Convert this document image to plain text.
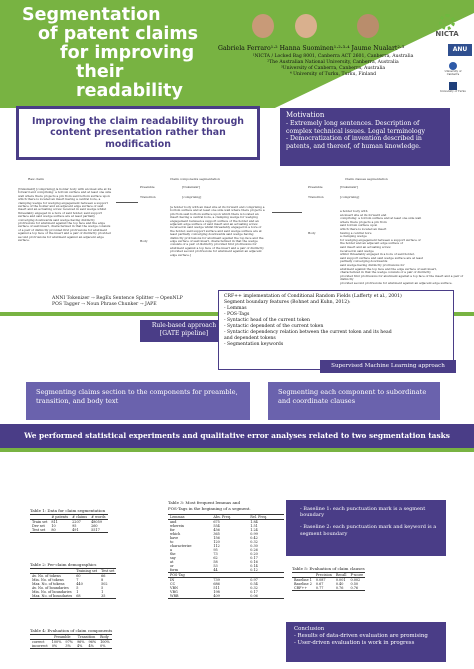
Segmentation
of patent claims
for improving
their readability
Gabriela Ferraro¹·² Hanna Suominen¹·²·³·⁴ Jaume Nualart²·³
¹NICTA / Locked Bag 8001, Canberra ACT 2601, Canberra, Australia
²The Australian National University, Canberra, Australia
³University of Canberra, Canberra, Australia
⁴ University of Turku, Turku, Finland
NICTA
ANU
University of Canberra
University of Turku
Improving the claim readability through content presentation rather than modification
Motivation
- Extremely long sentences. Description of complex technical issues. Legal terminology
- Democratization of invention described in patents, and thereof, of human knowledge.
Raw claim	Claim components segmentation	Claim clauses segmentation
[Nuksmskr] [comprising] /a holder body with an inset site at its forward end comprising: a bottom surface and at least one side wall where there projects a pin from said bottom surface upon which there is located an insert having a central bore, a clamping wedge for wedging engagement between a support surface of the holder and an adjacent edge surface of said insert and an actuating screw received in said wedge whilst threadably engaged in a bore of said holder, said support surface and said wedge surface are at least partially converging downwards said wedge having distinctly protrusions for abutment against the top face and the edge surface of said insert, characterized in that the wedge consists of a pair of distinctly provided first protrusions for abutment against a top face of the insert and a pair of distinctly provided second protrusions for abutment against an adjacent edge surface.
Preamble
Transition
Body
[Nuksmskr]
[comprising]
[a holder body with an inset site at its forward end comprising a bottom surface and at least one side wall where there projects a pin from said bottom surface upon which there is located an insert having a central bore, a clamping wedge for wedging engagement between a support surface of the holder and an adjacent edge surface of said insert and an actuating screw received in said wedge whilst threadably engaged in a bore of the holder, said support surface and said wedge surface are at least partially converging downwards said wedge having distinctly protrusions for abutment against the top face and the edge surface of said insert, characterized in that the wedge consists of a pair of distinctly provided first protrusions for abutment against a top face of the insert and a pair of distinctly provided second protrusions for abutment against an adjacent edge surface.]
Preamble
Transition
Body
[Nuksmskr]
[comprising]
a holder body with
an insert site at its forward end
comprising: a bottom surface and at least one side wall
where there projects a pin from
said bottom surface upon
which there is located an insert
having a central bore
a clamping wedge
for wedging engagement between a support surface of
the holder and an adjacent edge surface of
said insert and an actuating screw
received in said wedge
whilst threadably engaged in a bore of said holder,
said support surface and said wedge surface are at least
partially converging downwards
said wedge having distinctly protrusions for
abutment against the top face and the edge surface of said insert,
characterized in that the wedge consists of a pair of distinctly
provided first protrusions for abutment against a top face of the insert and a pair of distinctly
provided second protrusions for abutment against an adjacent edge surface.
ANNI Tokenizer → RegEx Sentence Splitter → OpenNLP
POS Tagger → Noun Phrase Chunker → JAPE
Rule-based approach
[GATE pipeline]
CRF++ implementation of Conditional Random Fields (Lafferty et al., 2001)
Segment boundary features (Bohnet and Kuhn, 2012):
- Lemmas
- POS-Tags
- Syntactic head of the current token
- Syntactic dependent of the current token
- Syntactic dependency relation between the current token and its head and dependent tokens
- Segmentation keywords
Supervised Machine Learning approach
Segmenting claims section to the components for preamble, transition, and body text
Segmenting each component to subordinate and coordinate clauses
We performed statistical experiments and qualitative error analyses related to two segmentation tasks
Table 1: Data for claim segmentation
	# patents	# claims	# words
Train set	811	2207	48059
Dev set	10	95	260
Test set	80	491	5517
Table 2: Per-claim demographics
	Training set	Test set
Av. No. of tokens	60	66
Min. No. of tokens	7	8
Max. No. of tokens	440	502
Av. No. of boundaries	5	5
Min. No. of boundaries	1	1
Max. No. of boundaries	68	35
Table 4: Evaluation of claim components
	Preamble		Transition		Body
correct	100%	97%	96%	96%	100%
incorrect	0%	3%	4%	4%	0%
Table 3: Most frequent lemmas and
POS-Tags in the beginning of a segment.
Lemmas	Abs. Freq.	Rel. Freq.
and	675	1.84
wherein	554	1.51
for	456	1.24
which	365	0.99
have	156	0.42
to	120	0.32
characterize	112	0.30
a	95	0.26
the	73	0.20
say	62	0.17
at	58	0.16
or	53	0.14
form	44	0.12
POS-Tag		
IN	739	0.97
CC	686	0.54
VBN	511	0.32
VBG	198	0.17
WRB	409	0.06
- Baseline 1: each punctuation mark is a segment boundary
- Baseline 2: each punctuation mark and keyword is a segment boundary
Table 5: Evaluation of claim clauses
	Precision	Recall	F-score
Baseline 1	0.087	0.001	0.002
Baseline 2	0.67	0.40	0.50
CRF++	0.77	0.76	0.76
Conclusion
- Results of data-driven evaluation are promising
- User-driven evaluation is work in progress
